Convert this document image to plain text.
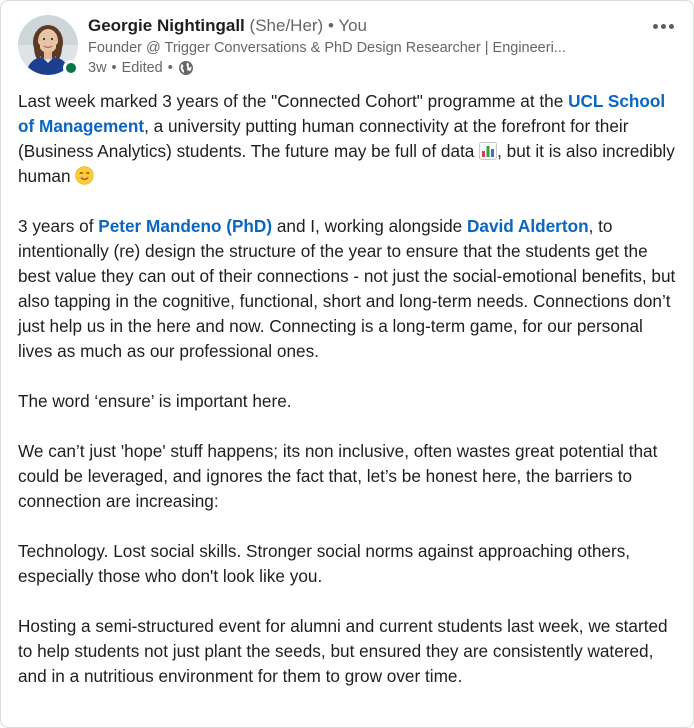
Georgie Nightingall (She/Her) • You
Founder @ Trigger Conversations & PhD Design Researcher | Engineeri...
3w • Edited •

Last week marked 3 years of the "Connected Cohort" programme at the UCL School of Management, a university putting human connectivity at the forefront for their (Business Analytics) students. The future may be full of data , but it is also incredibly human

3 years of Peter Mandeno (PhD) and I, working alongside David Alderton, to intentionally (re) design the structure of the year to ensure that the students get the best value they can out of their connections - not just the social-emotional benefits, but also tapping in the cognitive, functional, short and long-term needs. Connections don’t just help us in the here and now. Connecting is a long-term game, for our personal lives as much as our professional ones.

The word ‘ensure’ is important here.

We can’t just 'hope' stuff happens; its non inclusive, often wastes great potential that could be leveraged, and ignores the fact that, let’s be honest here, the barriers to connection are increasing:

Technology. Lost social skills. Stronger social norms against approaching others, especially those who don't look like you.

Hosting a semi-structured event for alumni and current students last week, we started to help students not just plant the seeds, but ensured they are consistently watered, and in a nutritious environment for them to grow over time.
